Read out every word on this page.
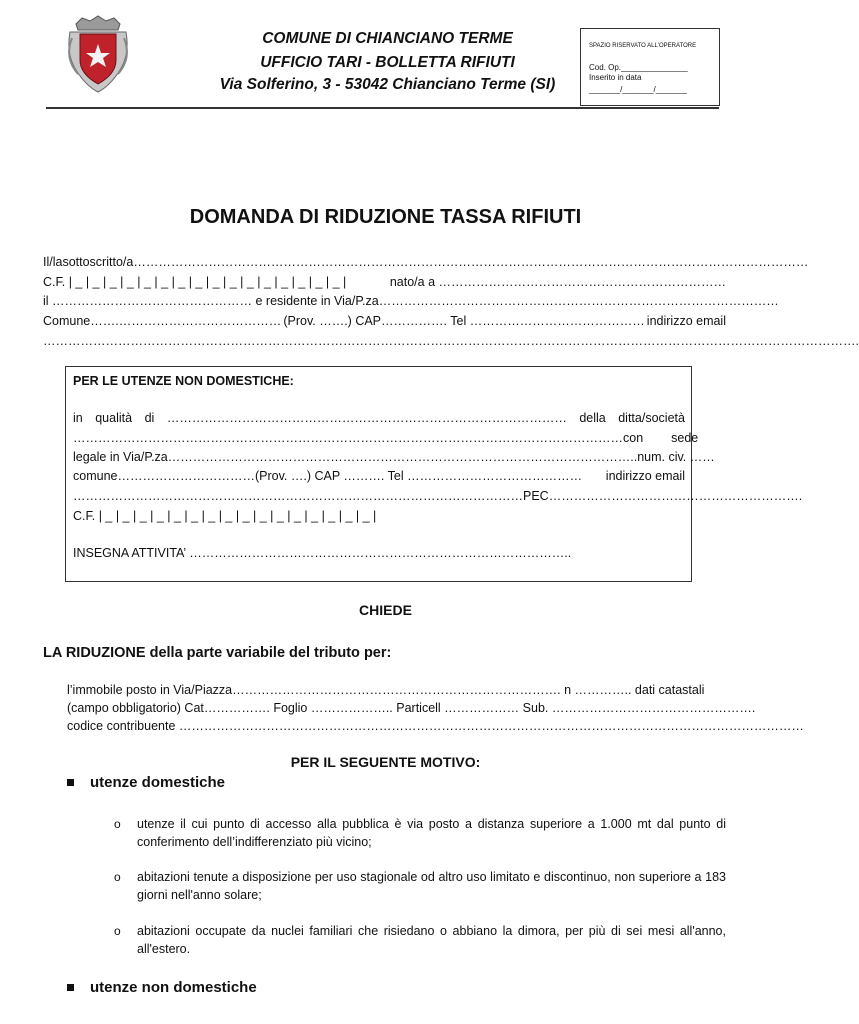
COMUNE DI CHIANCIANO TERME
UFFICIO TARI - BOLLETTA RIFIUTI
Via Solferino, 3 - 53042 Chianciano Terme (SI)
SPAZIO RISERVATO ALL'OPERATORE
Cod. Op._______________
Inserito in data
_______/_______/_______
DOMANDA DI RIDUZIONE TASSA RIFIUTI
Il/la sottoscritto/a ………………………………………………………………………………………………………………………………………………
C.F. | _ | _ | _ | _ | _ | _ | _ | _ | _ | _ | _ | _ | _ | _ | _ | _ |	nato/a a ……………………………………………………………
il ………………………………………… e residente in Via/P.za ……………………………………………………………………………………
Comune…….………………………………… (Prov. …….) CAP……………. Tel …………………………………… indirizzo email
…………………………………………………………………………………………………………………………………………………………………………….
PER LE UTENZE NON DOMESTICHE:
in qualità di …………………………………………………………………………………… della ditta/società
…………………………………………………………………………………………………………………… con sede
legale in Via/P.za…………………………………………………………………………………………………..num. civ. ……
comune……………………………(Prov. ….) CAP ………. Tel …………………………………… indirizzo email
………………………………………………………………………………………………PEC…………………………………………………….
C.F. | _ | _ | _ | _ | _ | _ | _ | _ | _ | _ | _ | _ | _ | _ | _ | _ |
INSEGNA ATTIVITA’ ………………………………………………………………………………..
CHIEDE
LA RIDUZIONE della parte variabile del tributo per:
l’immobile posto in Via/Piazza……………………………………………………………………. n ………….. dati catastali
(campo obbligatorio) Cat……………. Foglio ……………….. Particell ……………… Sub. ………………………………………….
codice contribuente ……………………………………………………………………………………………………………………………………
PER IL SEGUENTE MOTIVO:
utenze domestiche
o utenze il cui punto di accesso alla pubblica è via posto a distanza superiore a 1.000 mt dal punto di conferimento dell’indifferenziato più vicino;
o abitazioni tenute a disposizione per uso stagionale od altro uso limitato e discontinuo, non superiore a 183 giorni nell'anno solare;
o abitazioni occupate da nuclei familiari che risiedano o abbiano la dimora, per più di sei mesi all'anno, all'estero.
utenze non domestiche
